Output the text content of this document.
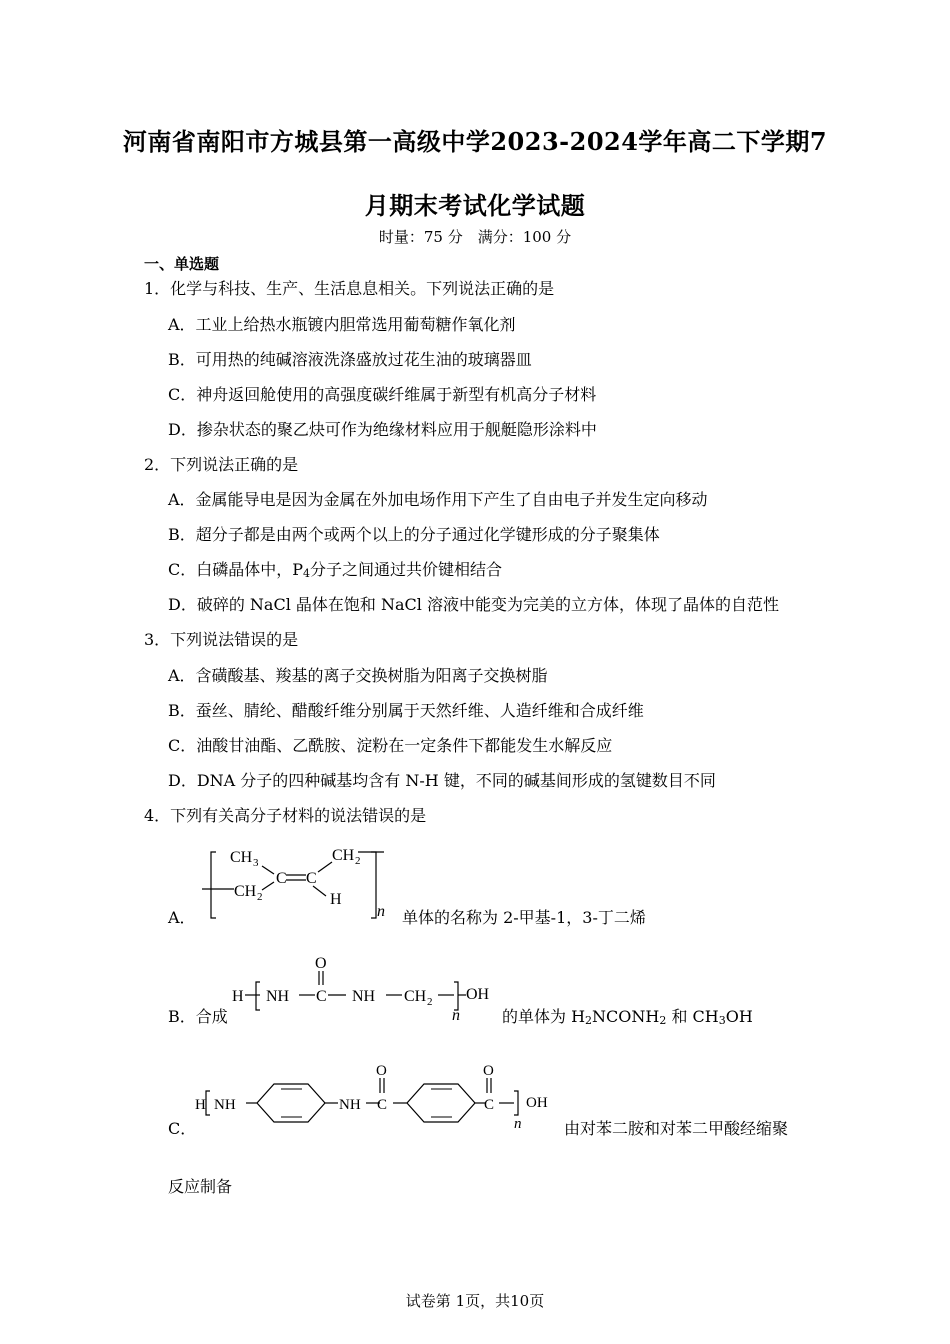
河南省南阳市方城县第一高级中学2023-2024学年高二下学期7
月期末考试化学试题
时量：75 分　满分：100 分
一、单选题
1．化学与科技、生产、生活息息相关。下列说法正确的是
A．工业上给热水瓶镀内胆常选用葡萄糖作氧化剂
B．可用热的纯碱溶液洗涤盛放过花生油的玻璃器皿
C．神舟返回舱使用的高强度碳纤维属于新型有机高分子材料
D．掺杂状态的聚乙炔可作为绝缘材料应用于舰艇隐形涂料中
2．下列说法正确的是
A．金属能导电是因为金属在外加电场作用下产生了自由电子并发生定向移动
B．超分子都是由两个或两个以上的分子通过化学键形成的分子聚集体
C．白磷晶体中，$P_4$分子之间通过共价键相结合
D．破碎的 NaCl 晶体在饱和 NaCl 溶液中能变为完美的立方体，体现了晶体的自范性
3．下列说法错误的是
A．含磺酸基、羧基的离子交换树脂为阳离子交换树脂
B．蚕丝、腈纶、醋酸纤维分别属于天然纤维、人造纤维和合成纤维
C．油酸甘油酯、乙酰胺、淀粉在一定条件下都能发生水解反应
D．DNA 分子的四种碱基均含有 N-H 键，不同的碱基间形成的氢键数目不同
4．下列有关高分子材料的说法错误的是
A．
CH 3
C C
CH 2
CH 2	H
n 单体的名称为 2-甲基-1，3-丁二烯
B．合成
H NH C
O
NH CH 2
n
OH
的单体为 $H_2NCONH_2$ 和 $CH_3OH$
C．
H NH	NH C
O
C
O
n
OH
由对苯二胺和对苯二甲酸经缩聚
反应制备
试卷第 1页，共10页
